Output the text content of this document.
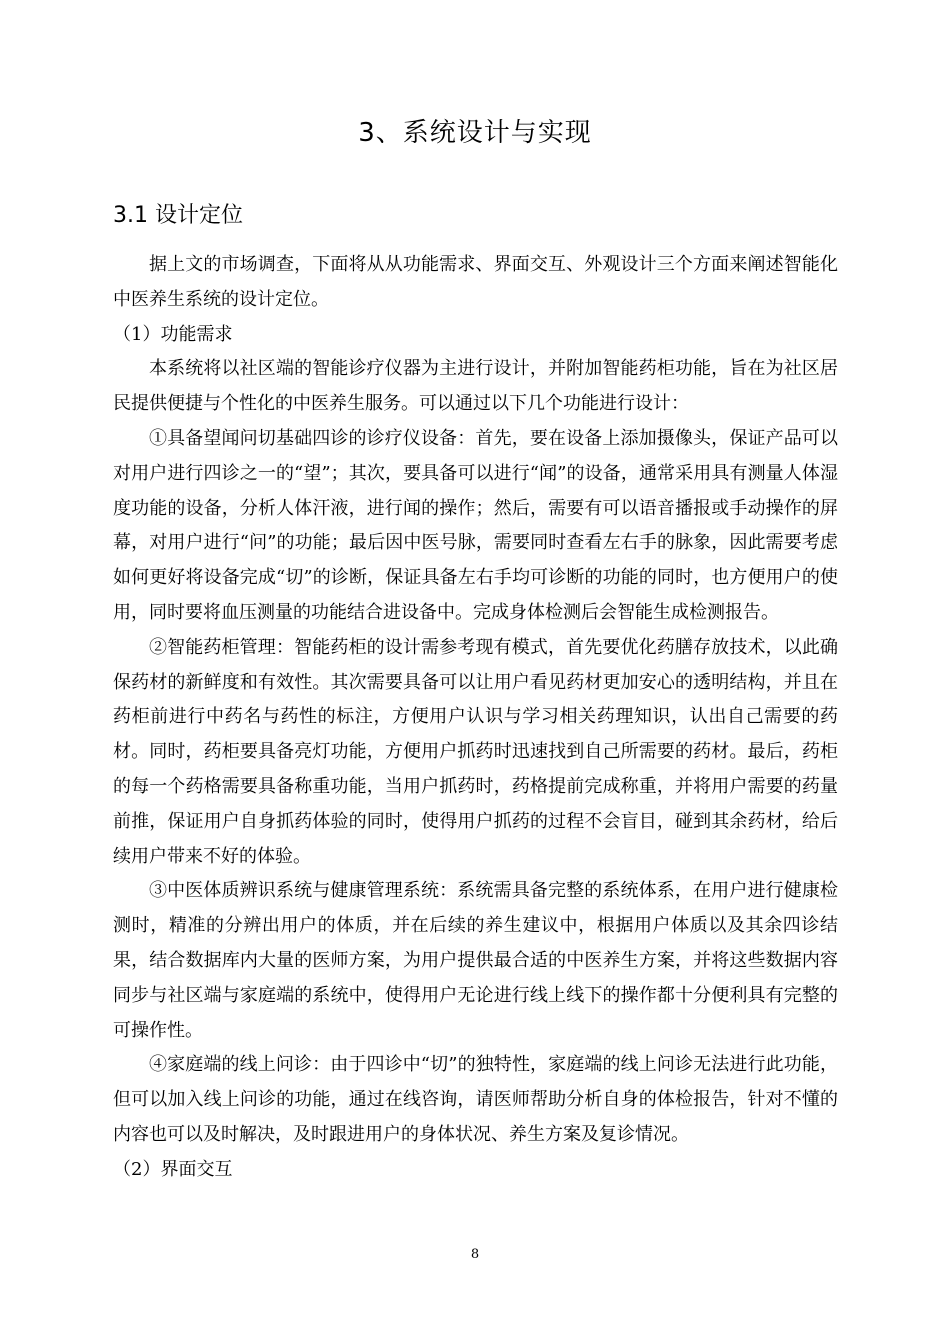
3、系统设计与实现
3.1 设计定位

据上文的市场调查，下面将从从功能需求、界面交互、外观设计三个方面来阐述智能化中医养生系统的设计定位。

（1）功能需求

本系统将以社区端的智能诊疗仪器为主进行设计，并附加智能药柜功能，旨在为社区居民提供便捷与个性化的中医养生服务。可以通过以下几个功能进行设计：

①具备望闻问切基础四诊的诊疗仪设备：首先，要在设备上添加摄像头，保证产品可以对用户进行四诊之一的“望”；其次，要具备可以进行“闻”的设备，通常采用具有测量人体湿度功能的设备，分析人体汗液，进行闻的操作；然后，需要有可以语音播报或手动操作的屏幕，对用户进行“问”的功能；最后因中医号脉，需要同时查看左右手的脉象，因此需要考虑如何更好将设备完成“切”的诊断，保证具备左右手均可诊断的功能的同时，也方便用户的使用，同时要将血压测量的功能结合进设备中。完成身体检测后会智能生成检测报告。

②智能药柜管理：智能药柜的设计需参考现有模式，首先要优化药膳存放技术，以此确保药材的新鲜度和有效性。其次需要具备可以让用户看见药材更加安心的透明结构，并且在药柜前进行中药名与药性的标注，方便用户认识与学习相关药理知识，认出自己需要的药材。同时，药柜要具备亮灯功能，方便用户抓药时迅速找到自己所需要的药材。最后，药柜的每一个药格需要具备称重功能，当用户抓药时，药格提前完成称重，并将用户需要的药量前推，保证用户自身抓药体验的同时，使得用户抓药的过程不会盲目，碰到其余药材，给后续用户带来不好的体验。

③中医体质辨识系统与健康管理系统：系统需具备完整的系统体系，在用户进行健康检测时，精准的分辨出用户的体质，并在后续的养生建议中，根据用户体质以及其余四诊结果，结合数据库内大量的医师方案，为用户提供最合适的中医养生方案，并将这些数据内容同步与社区端与家庭端的系统中，使得用户无论进行线上线下的操作都十分便利具有完整的可操作性。

④家庭端的线上问诊：由于四诊中“切”的独特性，家庭端的线上问诊无法进行此功能，但可以加入线上问诊的功能，通过在线咨询，请医师帮助分析自身的体检报告，针对不懂的内容也可以及时解决，及时跟进用户的身体状况、养生方案及复诊情况。

（2）界面交互

8
